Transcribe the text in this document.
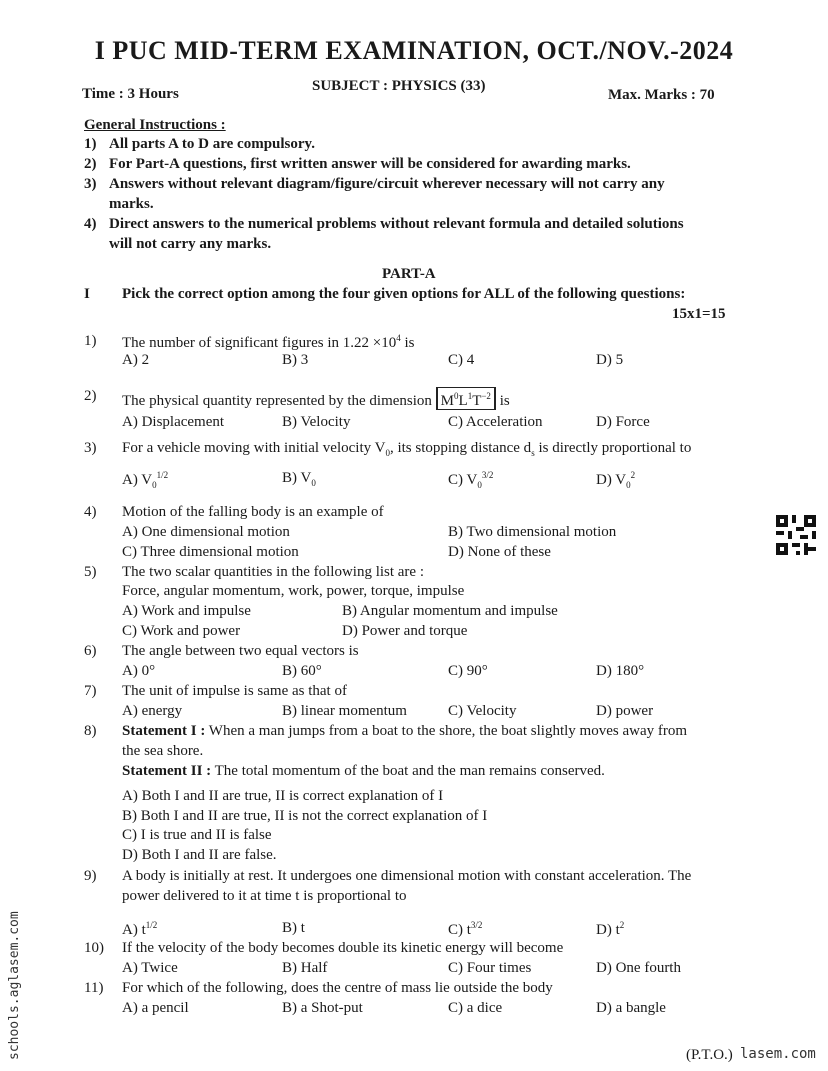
I PUC MID-TERM EXAMINATION, OCT./NOV.-2024
Time : 3 Hours	SUBJECT : PHYSICS (33)
Max. Marks : 70
General Instructions :
1) All parts A to D are compulsory.
2) For Part-A questions, first written answer will be considered for awarding marks.
3) Answers without relevant diagram/figure/circuit wherever necessary will not carry any
marks.
4) Direct answers to the numerical problems without relevant formula and detailed solutions
will not carry any marks.
PART-A
I Pick the correct option among the four given options for ALL of the following questions:
15x1=15
1) The number of significant figures in $1.22 \times 10^4$ is
A) 2	B) 3	C) 4	D) 5
2) The physical quantity represented by the dimension $M^0L^1T^{-2}$ is
A) Displacement	B) Velocity	C) Acceleration	D) Force
3) For a vehicle moving with initial velocity $V_0$, its stopping distance $d_s$ is directly proportional to
A) $V_0^{1/2}$	B) $V_0$	C) $V_0^{3/2}$	D) $V_0^2$
4) Motion of the falling body is an example of
A) One dimensional motion	B) Two dimensional motion
C) Three dimensional motion	D) None of these
5) The two scalar quantities in the following list are :
Force, angular momentum, work, power, torque, impulse
A) Work and impulse	B) Angular momentum and impulse
C) Work and power	D) Power and torque
6) The angle between two equal vectors is
A) 0°	B) 60°	C) 90°	D) 180°
7) The unit of impulse is same as that of
A) energy	B) linear momentum	C) Velocity	D) power
8) Statement I : When a man jumps from a boat to the shore, the boat slightly moves away from
the sea shore.
Statement II : The total momentum of the boat and the man remains conserved.
A) Both I and II are true, II is correct explanation of I
B) Both I and II are true, II is not the correct explanation of I
C) I is true and II is false
D) Both I and II are false.
9) A body is initially at rest. It undergoes one dimensional motion with constant acceleration. The
power delivered to it at time t is proportional to
A) $t^{1/2}$	B) t	C) $t^{3/2}$	D) $t^2$
10) If the velocity of the body becomes double its kinetic energy will become
A) Twice	B) Half	C) Four times	D) One fourth
11) For which of the following, does the centre of mass lie outside the body
A) a pencil	B) a Shot-put	C) a dice	D) a bangle
(P.T.O.) lasem.com
schools.aglasem.com
